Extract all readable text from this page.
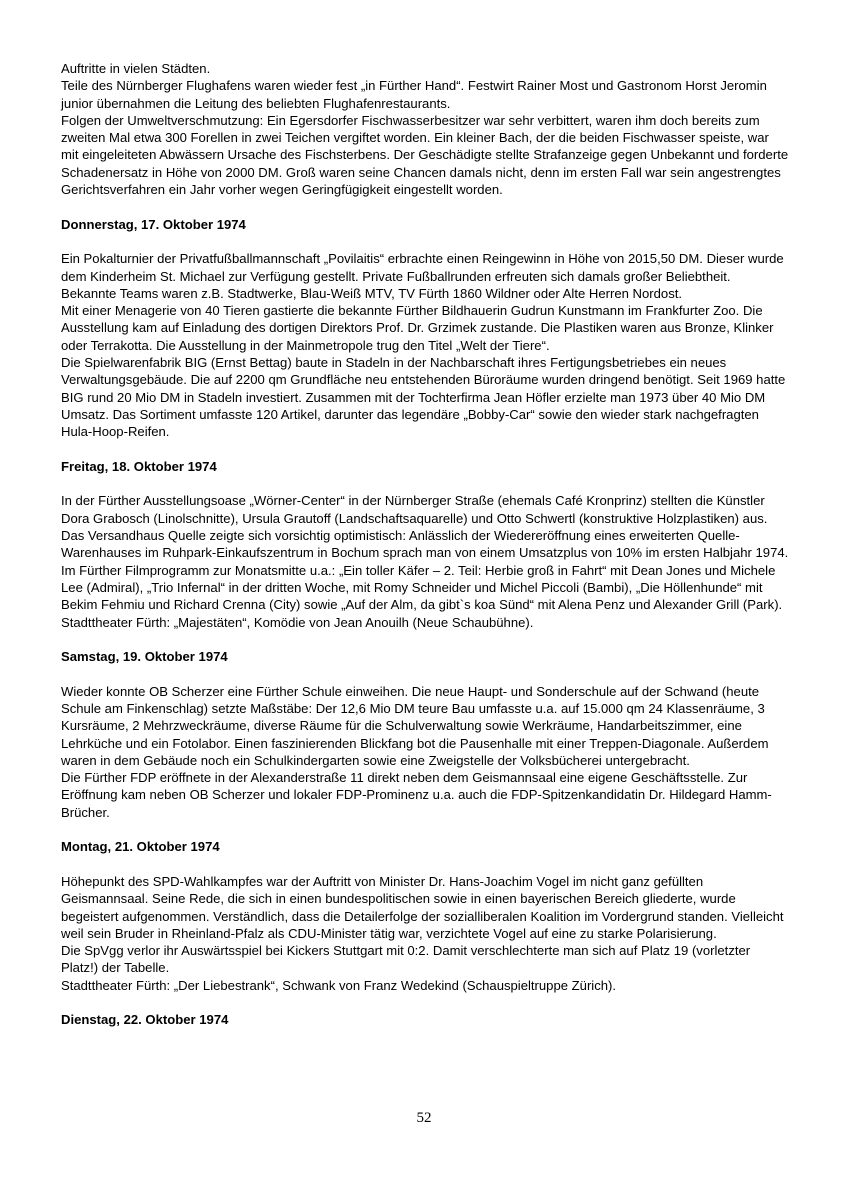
Auftritte in vielen Städten.

Teile des Nürnberger Flughafens waren wieder fest „in Fürther Hand“. Festwirt Rainer Most und Gastronom Horst Jeromin junior übernahmen die Leitung des beliebten Flughafenrestaurants.

Folgen der Umweltverschmutzung: Ein Egersdorfer Fischwasserbesitzer war sehr verbittert, waren ihm doch bereits zum zweiten Mal etwa 300 Forellen in zwei Teichen vergiftet worden. Ein kleiner Bach, der die beiden Fischwasser speiste, war mit eingeleiteten Abwässern Ursache des Fischsterbens. Der Geschädigte stellte Strafanzeige gegen Unbekannt und forderte Schadenersatz in Höhe von 2000 DM. Groß waren seine Chancen damals nicht, denn im ersten Fall war sein angestrengtes Gerichtsverfahren ein Jahr vorher wegen Geringfügigkeit eingestellt worden.

Donnerstag, 17. Oktober 1974

Ein Pokalturnier der Privatfußballmannschaft „Povilaitis“ erbrachte einen Reingewinn in Höhe von 2015,50 DM. Dieser wurde dem Kinderheim St. Michael zur Verfügung gestellt. Private Fußballrunden erfreuten sich damals großer Beliebtheit. Bekannte Teams waren z.B. Stadtwerke, Blau-Weiß MTV, TV Fürth 1860 Wildner oder Alte Herren Nordost.

Mit einer Menagerie von 40 Tieren gastierte die bekannte Fürther Bildhauerin Gudrun Kunstmann im Frankfurter Zoo. Die Ausstellung kam auf Einladung des dortigen Direktors Prof. Dr. Grzimek zustande. Die Plastiken waren aus Bronze, Klinker oder Terrakotta. Die Ausstellung in der Mainmetropole trug den Titel „Welt der Tiere“.

Die Spielwarenfabrik BIG (Ernst Bettag) baute in Stadeln in der Nachbarschaft ihres Fertigungsbetriebes ein neues Verwaltungsgebäude. Die auf 2200 qm Grundfläche neu entstehenden Büroräume wurden dringend benötigt. Seit 1969 hatte BIG rund 20 Mio DM in Stadeln investiert. Zusammen mit der Tochterfirma Jean Höfler erzielte man 1973 über 40 Mio DM Umsatz. Das Sortiment umfasste 120 Artikel, darunter das legendäre „Bobby-Car“ sowie den wieder stark nachgefragten Hula-Hoop-Reifen.

Freitag, 18. Oktober 1974

In der Fürther Ausstellungsoase „Wörner-Center“ in der Nürnberger Straße (ehemals Café Kronprinz) stellten die Künstler Dora Grabosch (Linolschnitte), Ursula Grautoff (Landschaftsaquarelle) und Otto Schwertl (konstruktive Holzplastiken) aus.

Das Versandhaus Quelle zeigte sich vorsichtig optimistisch: Anlässlich der Wiedereröffnung eines erweiterten Quelle-Warenhauses im Ruhpark-Einkaufszentrum in Bochum sprach man von einem Umsatzplus von 10% im ersten Halbjahr 1974.

Im Fürther Filmprogramm zur Monatsmitte u.a.: „Ein toller Käfer – 2. Teil: Herbie groß in Fahrt“ mit Dean Jones und Michele Lee (Admiral), „Trio Infernal“ in der dritten Woche, mit Romy Schneider und Michel Piccoli (Bambi), „Die Höllenhunde“ mit Bekim Fehmiu und Richard Crenna (City) sowie „Auf der Alm, da gibt`s koa Sünd“ mit Alena Penz und Alexander Grill (Park).

Stadttheater Fürth: „Majestäten“, Komödie von Jean Anouilh (Neue Schaubühne).

Samstag, 19. Oktober 1974

Wieder konnte OB Scherzer eine Fürther Schule einweihen. Die neue Haupt- und Sonderschule auf der Schwand (heute Schule am Finkenschlag) setzte Maßstäbe: Der 12,6 Mio DM teure Bau umfasste u.a. auf 15.000 qm 24 Klassenräume, 3 Kursräume, 2 Mehrzweckräume, diverse Räume für die Schulverwaltung sowie Werkräume, Handarbeitszimmer, eine Lehrküche und ein Fotolabor. Einen faszinierenden Blickfang bot die Pausenhalle mit einer Treppen-Diagonale. Außerdem waren in dem Gebäude noch ein Schulkindergarten sowie eine Zweigstelle der Volksbücherei untergebracht.

Die Fürther FDP eröffnete in der Alexanderstraße 11 direkt neben dem Geismannsaal eine eigene Geschäftsstelle. Zur Eröffnung kam neben OB Scherzer und lokaler FDP-Prominenz u.a. auch die FDP-Spitzenkandidatin Dr. Hildegard Hamm-Brücher.

Montag, 21. Oktober 1974

Höhepunkt des SPD-Wahlkampfes war der Auftritt von Minister Dr. Hans-Joachim Vogel im nicht ganz gefüllten Geismannsaal. Seine Rede, die sich in einen bundespolitischen sowie in einen bayerischen Bereich gliederte, wurde begeistert aufgenommen. Verständlich, dass die Detailerfolge der sozialliberalen Koalition im Vordergrund standen. Vielleicht weil sein Bruder in Rheinland-Pfalz als CDU-Minister tätig war, verzichtete Vogel auf eine zu starke Polarisierung.

Die SpVgg verlor ihr Auswärtsspiel bei Kickers Stuttgart mit 0:2. Damit verschlechterte man sich auf Platz 19 (vorletzter Platz!) der Tabelle.

Stadttheater Fürth: „Der Liebestrank“, Schwank von Franz Wedekind (Schauspieltruppe Zürich).

Dienstag, 22. Oktober 1974
52
